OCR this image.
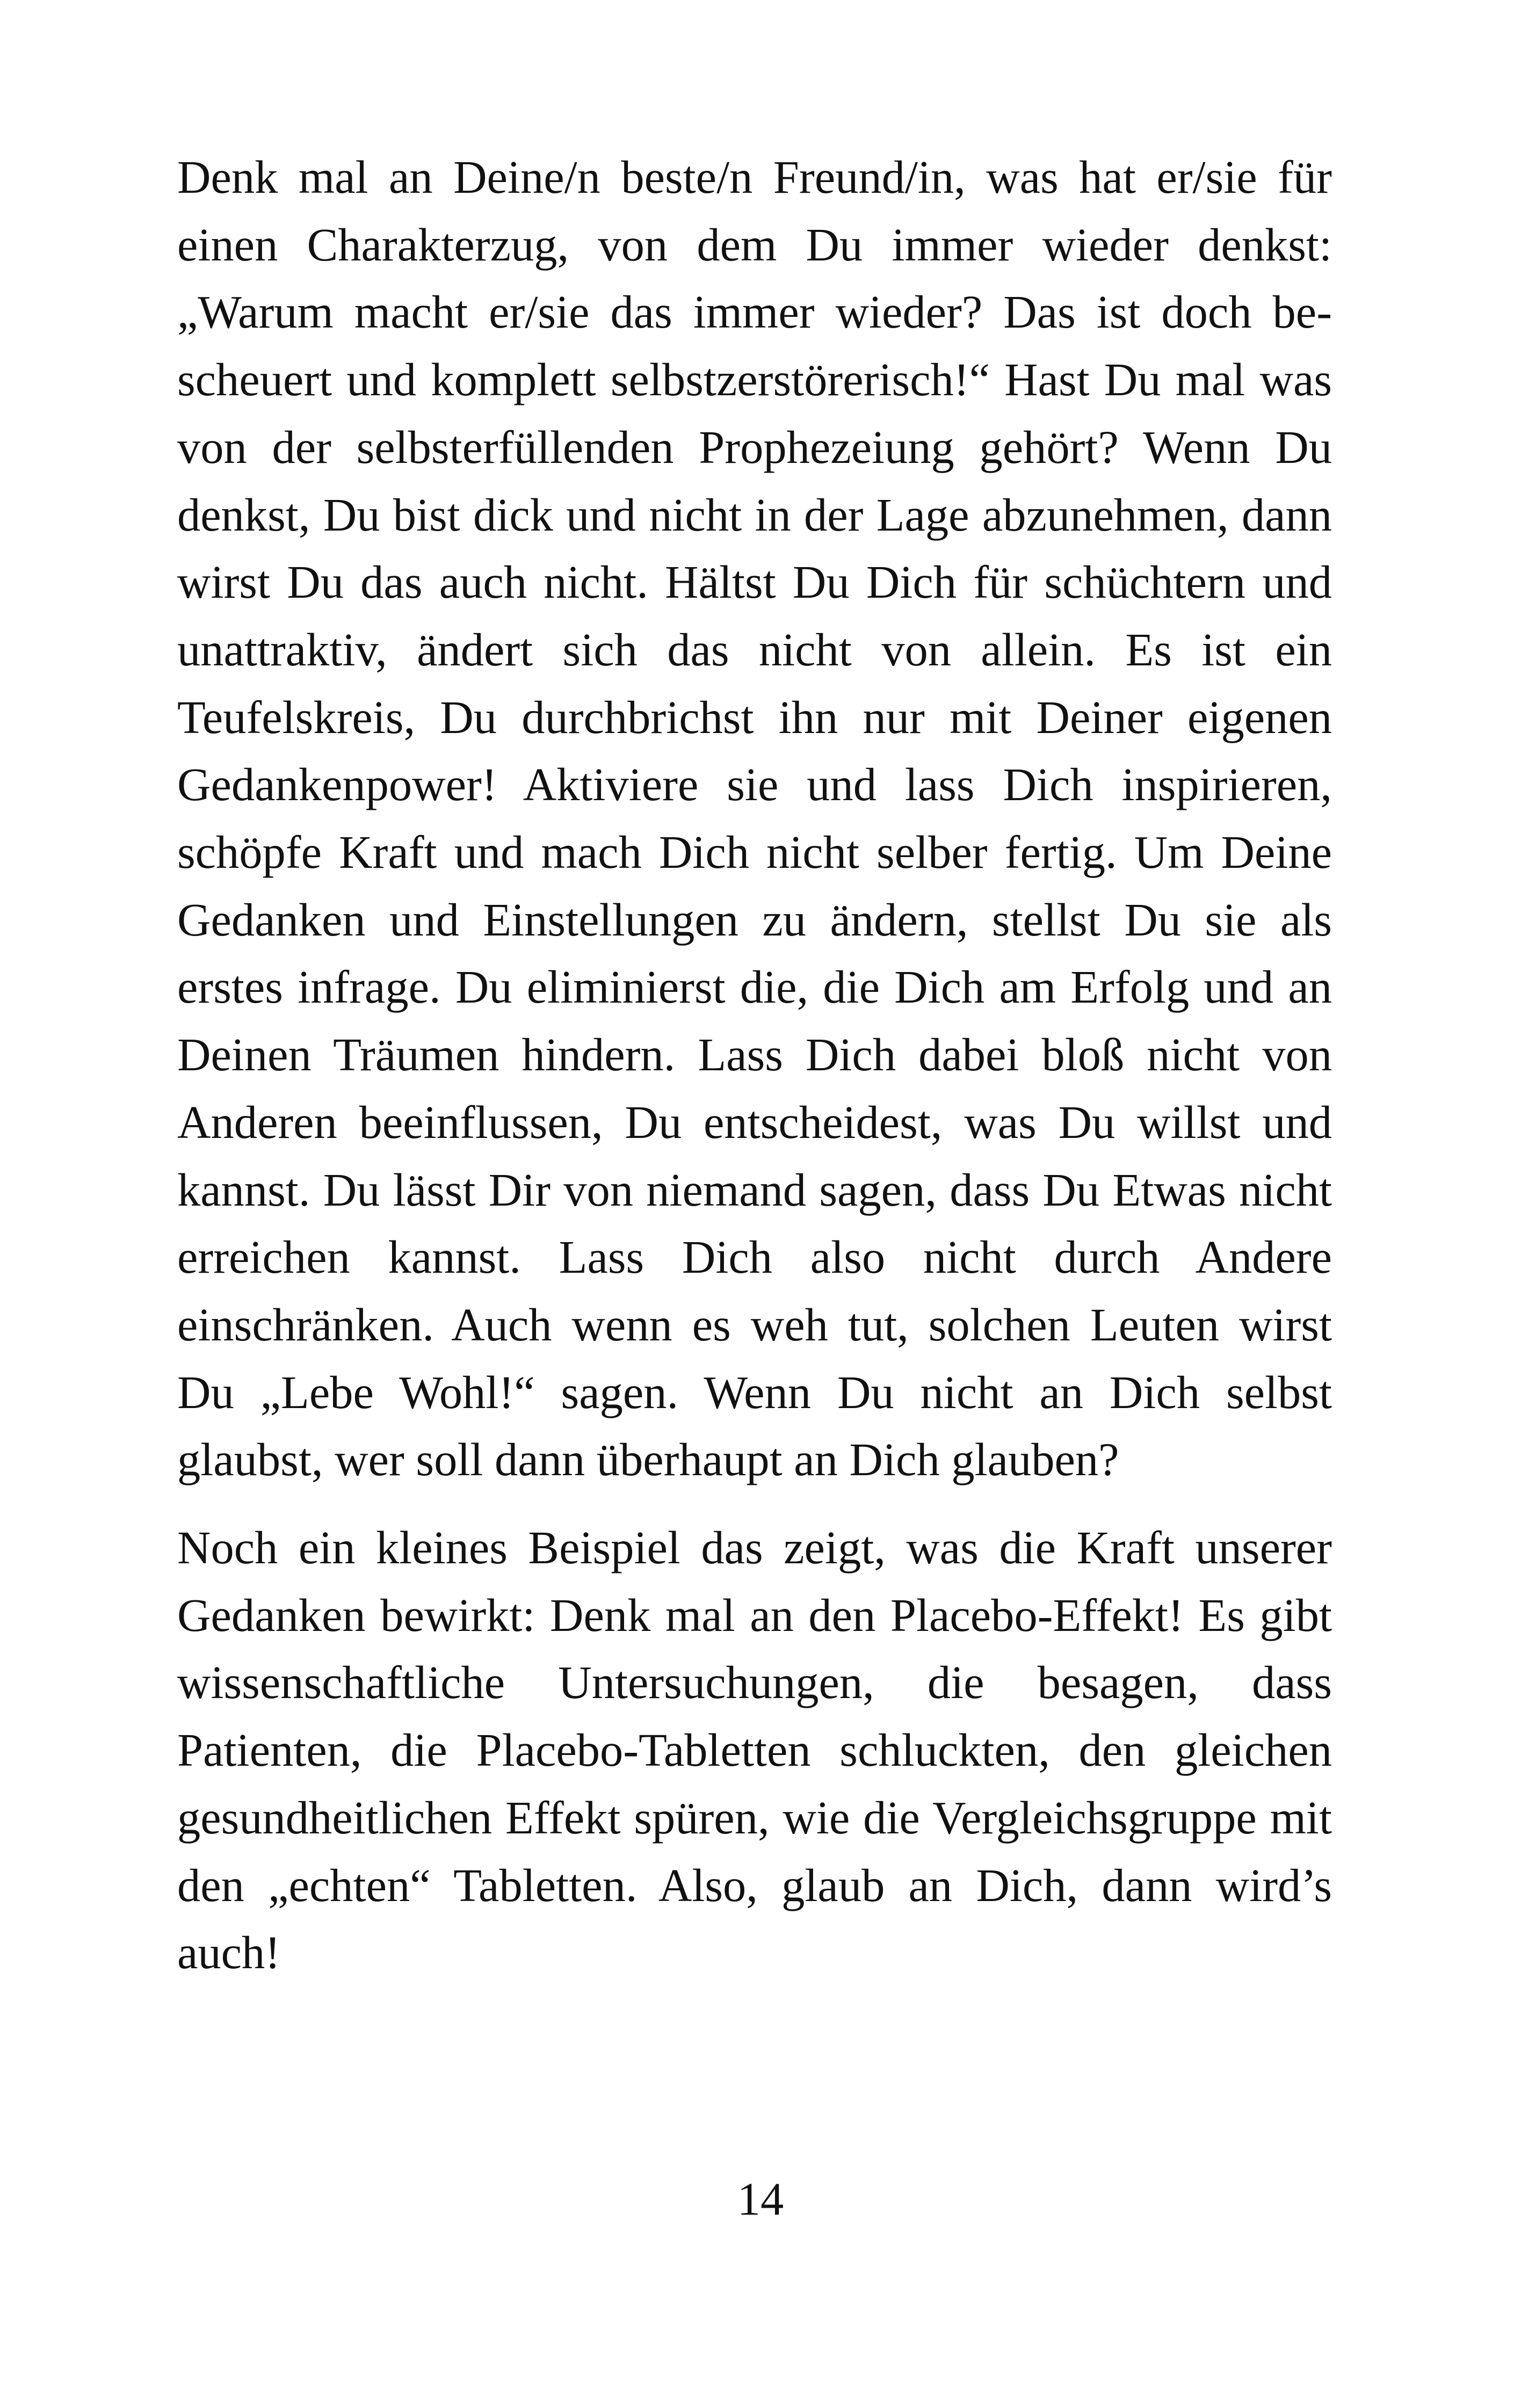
Denk mal an Deine/n beste/n Freund/in, was hat er/sie für einen Charakterzug, von dem Du immer wieder denkst: „Warum macht er/sie das immer wieder? Das ist doch bescheuert und komplett selbstzerstörerisch!“ Hast Du mal was von der selbsterfüllenden Prophezeiung gehört? Wenn Du denkst, Du bist dick und nicht in der Lage abzunehmen, dann wirst Du das auch nicht. Hältst Du Dich für schüchtern und unattraktiv, ändert sich das nicht von allein. Es ist ein Teufelskreis, Du durchbrichst ihn nur mit Deiner eigenen Gedankenpower! Aktiviere sie und lass Dich inspirieren, schöpfe Kraft und mach Dich nicht selber fertig. Um Deine Gedanken und Einstellungen zu ändern, stellst Du sie als erstes infrage. Du eliminierst die, die Dich am Erfolg und an Deinen Träumen hindern. Lass Dich dabei bloß nicht von Anderen beeinflussen, Du entscheidest, was Du willst und kannst. Du lässt Dir von niemand sagen, dass Du Etwas nicht erreichen kannst. Lass Dich also nicht durch Andere einschränken. Auch wenn es weh tut, solchen Leuten wirst Du „Lebe Wohl!“ sagen. Wenn Du nicht an Dich selbst glaubst, wer soll dann überhaupt an Dich glauben?

Noch ein kleines Beispiel das zeigt, was die Kraft unserer Gedanken bewirkt: Denk mal an den Placebo-Effekt! Es gibt wissenschaftliche Untersuchungen, die besagen, dass Patienten, die Placebo-Tabletten schluckten, den gleichen gesundheitlichen Effekt spüren, wie die Vergleichsgruppe mit den „echten“ Tabletten. Also, glaub an Dich, dann wird’s auch!

14
